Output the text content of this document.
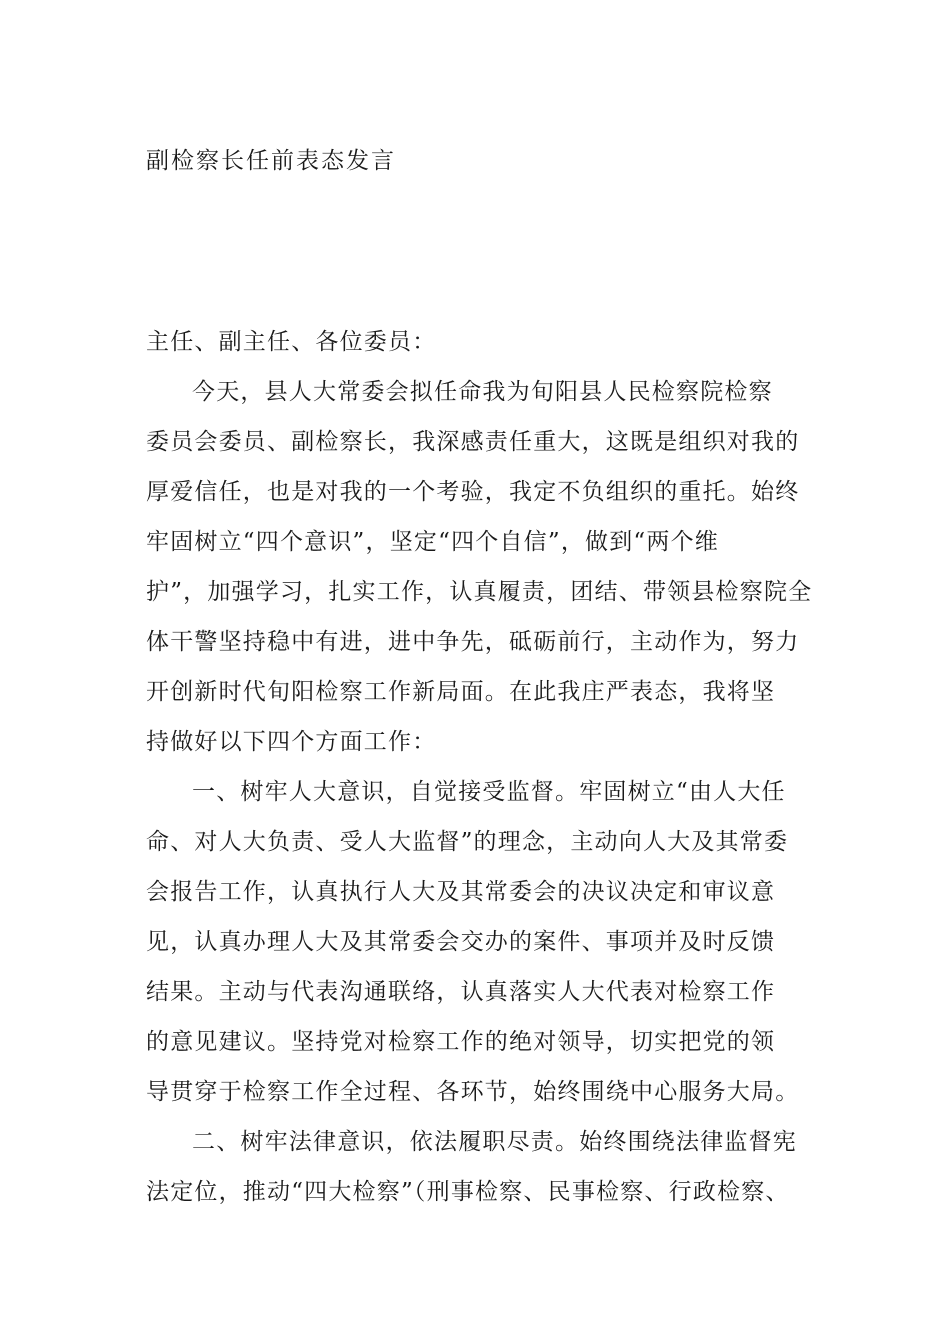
副检察长任前表态发言
主任、副主任、各位委员：
今天，县人大常委会拟任命我为旬阳县人民检察院检察
委员会委员、副检察长，我深感责任重大，这既是组织对我的
厚爱信任，也是对我的一个考验，我定不负组织的重托。始终
牢固树立“四个意识”，坚定“四个自信”，做到“两个维
护”，加强学习，扎实工作，认真履责，团结、带领县检察院全
体干警坚持稳中有进，进中争先，砥砺前行，主动作为，努力
开创新时代旬阳检察工作新局面。在此我庄严表态，我将坚
持做好以下四个方面工作：
一、树牢人大意识，自觉接受监督。牢固树立“由人大任
命、对人大负责、受人大监督”的理念，主动向人大及其常委
会报告工作，认真执行人大及其常委会的决议决定和审议意
见，认真办理人大及其常委会交办的案件、事项并及时反馈
结果。主动与代表沟通联络，认真落实人大代表对检察工作
的意见建议。坚持党对检察工作的绝对领导，切实把党的领
导贯穿于检察工作全过程、各环节，始终围绕中心服务大局。
二、树牢法律意识，依法履职尽责。始终围绕法律监督宪
法定位，推动“四大检察”（刑事检察、民事检察、行政检察、
